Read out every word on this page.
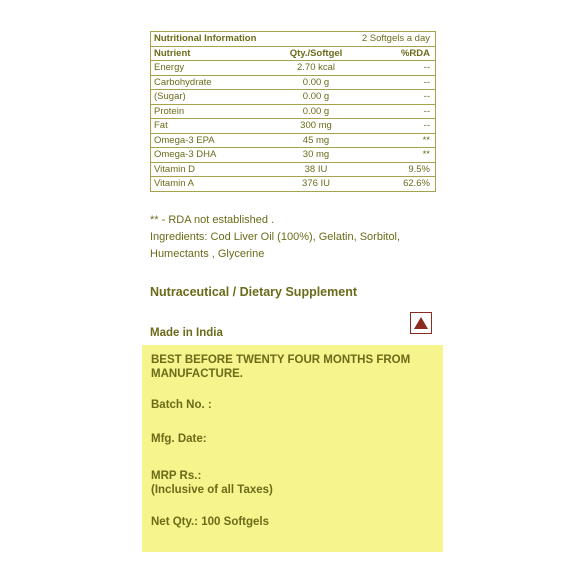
Nutritional Information	2 Softgels a day
Nutrient	Qty./Softgel	%RDA
Energy	2.70 kcal	--
Carbohydrate	0.00 g	--
(Sugar)	0.00 g	--
Protein	0.00 g	--
Fat	300 mg	--
Omega-3 EPA	45 mg	**
Omega-3 DHA	30 mg	**
Vitamin D	38 IU	9.5%
Vitamin A	376 IU	62.6%
** - RDA not established .
Ingredients: Cod Liver Oil (100%), Gelatin, Sorbitol,
Humectants , Glycerine
Nutraceutical / Dietary Supplement
Made in India
BEST BEFORE TWENTY FOUR MONTHS FROM
MANUFACTURE.
Batch No. :
Mfg. Date:
MRP Rs.:
(Inclusive of all Taxes)
Net Qty.: 100 Softgels
